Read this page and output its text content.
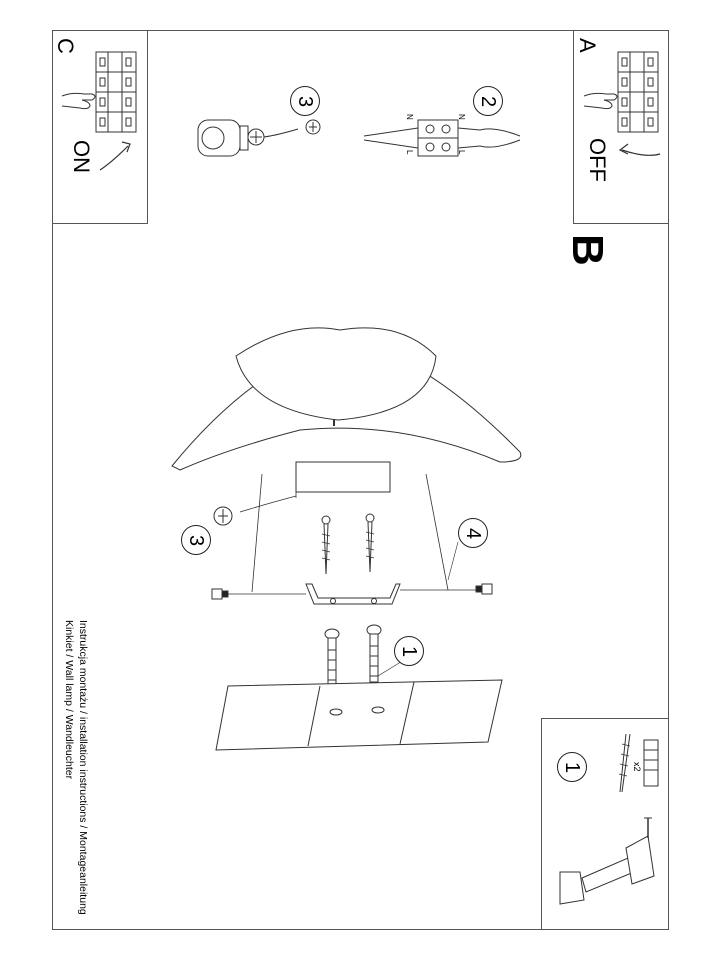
A
OFF
C
ON
B
2
3
3
4
1
1
N	N
L	L
x2
Instrukcja montażu / installation instructions / Montageanleitung
Kinkiet / Wall lamp / Wandleuchter
